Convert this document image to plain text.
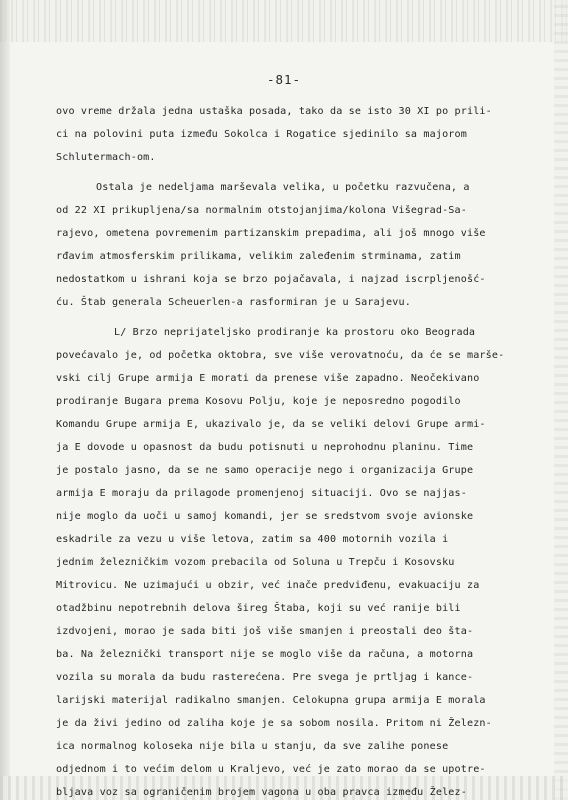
-81-
ovo vreme držala jedna ustaška posada, tako da se isto 30 XI po prili-
ci na polovini puta između Sokolca i Rogatice sjedinilo sa majorom
Schlutermach-om.
Ostala je nedeljama marševala velika, u početku razvučena, a
od 22 XI prikupljena/sa normalnim otstojanjima/kolona Višegrad-Sa-
rajevo, ometena povremenim partizanskim prepadima, ali još mnogo više
rđavim atmosferskim prilikama, velikim zaleđenim strminama, zatim
nedostatkom u ishrani koja se brzo pojačavala, i najzad iscrpljenošć-
ću. Štab generala Scheuerlen-a rasformiran je u Sarajevu.
L/ Brzo neprijateljsko prodiranje ka prostoru oko Beograda
povećavalo je, od početka oktobra, sve više verovatnoću, da će se marše-
vski cilj Grupe armija E morati da prenese više zapadno. Neočekivano
prodiranje Bugara prema Kosovu Polju, koje je neposredno pogodilo
Komandu Grupe armija E, ukazivalo je, da se veliki delovi Grupe armi-
ja E dovode u opasnost da budu potisnuti u neprohodnu planinu. Time
je postalo jasno, da se ne samo operacije nego i organizacija Grupe
armija E moraju da prilagode promenjenoj situaciji. Ovo se najjas-
nije moglo da uoči u samoj komandi, jer se sredstvom svoje avionske
eskadrile za vezu u više letova, zatim sa 400 motornih vozila i
jednim železničkim vozom prebacila od Soluna u Trepču i Kosovsku
Mitrovicu. Ne uzimajući u obzir, već inače predviđenu, evakuaciju za
otadžbinu nepotrebnih delova šireg Štaba, koji su već ranije bili
izdvojeni, morao je sada biti još više smanjen i preostali deo šta-
ba. Na železnički transport nije se moglo više da računa, a motorna
vozila su morala da budu rasterećena. Pre svega je prtljag i kance-
larijski materijal radikalno smanjen. Celokupna grupa armija E morala
je da živi jedino od zaliha koje je sa sobom nosila. Pritom ni Železn-
ica normalnog koloseka nije bila u stanju, da sve zalihe ponese
odjednom i to većim delom u Kraljevo, već je zato morao da se upotre-
bljava voz sa ograničenim brojem vagona u oba pravca između Želez-
